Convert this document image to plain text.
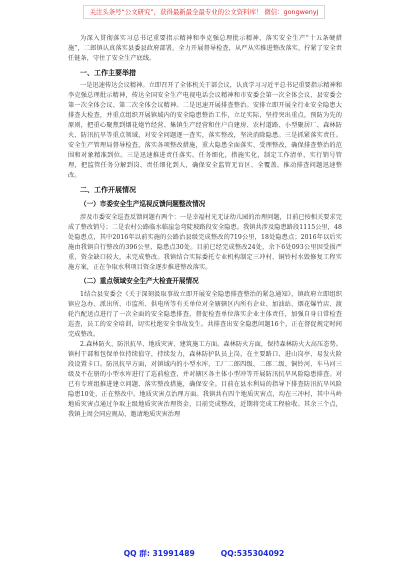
关注头条号“公文研究”，获得最新最全最专业的公文资料库！ 微信：gongwenyj

为深入贯彻落实习总书记重要指示精神和李克强总理批示精神，落实安全生产“十五条硬措施”，二郎镇认真落实县委县政府部署，全力开展督导检查，从严从实推进整改落实，拧紧了安全责任链条，守住了安全生产底线。

一、工作主要举措

一是迅速传达会议精神。立即召开了全体机关干部会议，认真学习习近平总书记重要指示精神和李克强总理批示精神，传达全国安全生产电视电话会议精神和市安委会第一次全体会议、县安委会第一次全体会议、第二次全体会议精神。二是迅速开展排查整治。安排立即开展全行业安全隐患大排查大检查，并重点组织开展镇域内的安全隐患整治工作，立足实际，坚持突出重点，预防为先的原则，把重心聚焦到烟花炮竹经营、集镇生产经营和住户自建房、农村道路、小型聚居厂、森林防火、防汛抗旱等重点领域，对安全问题逐一查实，落实整改，坚决消除隐患。三是抓紧落实责任。安全生产管理局督导检查，落实各项整改措施，重大隐患全面落实、受理整改，确保排查整治的范围和对象精准到位。三是迅速推进责任落实。任务细化，措施实化，制定工作清单、实行销号管理，把监管任务分解到岗、责任细化到人，确保安全监管无盲区、全覆盖，推动排查问题迅速整改。

二、工作开展情况
（一）市委安全生产巡视反馈问题整改情况

涉及市委安全巡查反馈问题有两个：一是幸福村光无证幼儿园的治理问题，目前已按相关要求完成了整改销号；二是农村公路临水临崖急弯陡坡路段安全隐患。我镇共涉及隐患路段1115公里，48处隐患点，其中2016年以前实施的公路治县级完成整改的719公里，18处隐患点；2016年以后实施由我镇自行整改的396公里，隐患点30处。目前已经完成整改24处，余下6处093公里因受损严重，资金缺口较大，未完成整改。我镇结合实际委托专业机构制定三冲村、铜铃村水毁修复工程实施方案，正在争取水利项目资金逐步推进整改落实。

（二）重点领域安全生产大检查开展情况

1结合县安委会《关于深刻汲取事故立即开展安全隐患排查整治的紧急通知》，镇政府立即组织镇应急办、派出所、市监所、供电所等有关单位对全辖辖区内所有企业、加油站、烟花爆竹店、渡轮汽配送点进行了一次全面的安全隐患排查，督促检查单位落实企业主体责任，加强自身日常检查巡查，员工的安全培训，切实杜绝安全事故发生。共排查出安全隐患问题16个，正在督促规定时间完成整改。

2.森林防火、防汛抗旱、地质灾害、建筑施工方面。森林防火方面，保持森林防火大高压态势。镇村干部和包保单位持续值守，持续发力，森林防护队员上岗，在主要路口、进山岗亭、易发火险段设置卡口。防汛抗旱方面，对镇域内的小型水库、工厂二郎四级、二郎二级、铜铃河、车马河三级及不在册的小型水库进行了巡前检查，并对辖区各主体小型冲等开展防汛抗旱风险隐患排查。对已有专班组推进建立问题、落实整改措施，确保安全。目前在县水利局的指导下排查防汛抗旱风险隐患10处，正在整改中。地质灾害点治理方面。我镇共有四个地质灾害点，均在三冲村，其中马岭地质灾害点通过争取上级地质灾害治理资金，目前完成整改，近期将完成工程验收。其余三个点，我镇上周会同应规局，邀请地质灾害治理

QQ 群: 31991489	QQ:535304092
